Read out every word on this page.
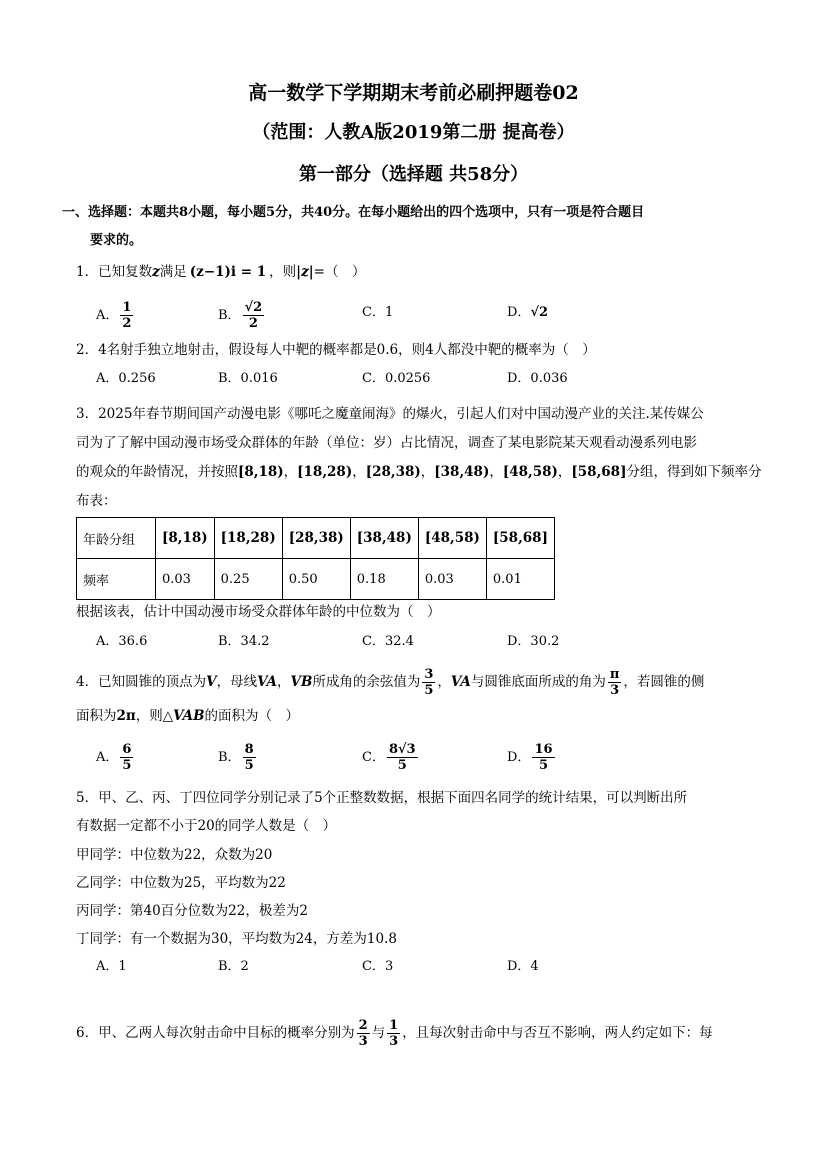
高一数学下学期期末考前必刷押题卷02
（范围：人教A版2019第二册 提高卷）
第一部分（选择题 共58分）
一、选择题：本题共8小题，每小题5分，共40分。在每小题给出的四个选项中，只有一项是符合题目
要求的。
1．已知复数z满足 (z−1)i = 1 ，则|z|=（　）
A． $\frac{1}{2}$	B． $\frac{√2}{2}$	C．1	D．√2
2．4名射手独立地射击，假设每人中靶的概率都是0.6，则4人都没中靶的概率为（　）
A．0.256	B．0.016	C．0.0256	D．0.036
3．2025年春节期间国产动漫电影《哪吒之魔童闹海》的爆火，引起人们对中国动漫产业的关注.某传媒公
司为了了解中国动漫市场受众群体的年龄（单位：岁）占比情况，调查了某电影院某天观看动漫系列电影
的观众的年龄情况，并按照[8,18)，[18,28)，[28,38)，[38,48)，[48,58)，[58,68]分组，得到如下频率分
布表：
年龄分组	[8,18)	[18,28)	[28,38)	[38,48)	[48,58)	[58,68]
频率	0.03	0.25	0.50	0.18	0.03	0.01
根据该表，估计中国动漫市场受众群体年龄的中位数为（　）
A．36.6	B．34.2	C．32.4	D．30.2
4．已知圆锥的顶点为V，母线VA，VB所成角的余弦值为 $\frac{3}{5}$ ，VA与圆锥底面所成的角为 $\frac{\pi}{3}$ ，若圆锥的侧
面积为2π，则△VAB的面积为（　）
A． $\frac{6}{5}$	B． $\frac{8}{5}$	C． $\frac{8√3}{5}$	D． $\frac{16}{5}$
5．甲、乙、丙、丁四位同学分别记录了5个正整数数据，根据下面四名同学的统计结果，可以判断出所
有数据一定都不小于20的同学人数是（　）
甲同学：中位数为22，众数为20
乙同学：中位数为25，平均数为22
丙同学：第40百分位数为22，极差为2
丁同学：有一个数据为30，平均数为24，方差为10.8
A．1	B．2	C．3	D．4
6．甲、乙两人每次射击命中目标的概率分别为 $\frac{2}{3}$ 与 $\frac{1}{3}$ ，且每次射击命中与否互不影响，两人约定如下：每
